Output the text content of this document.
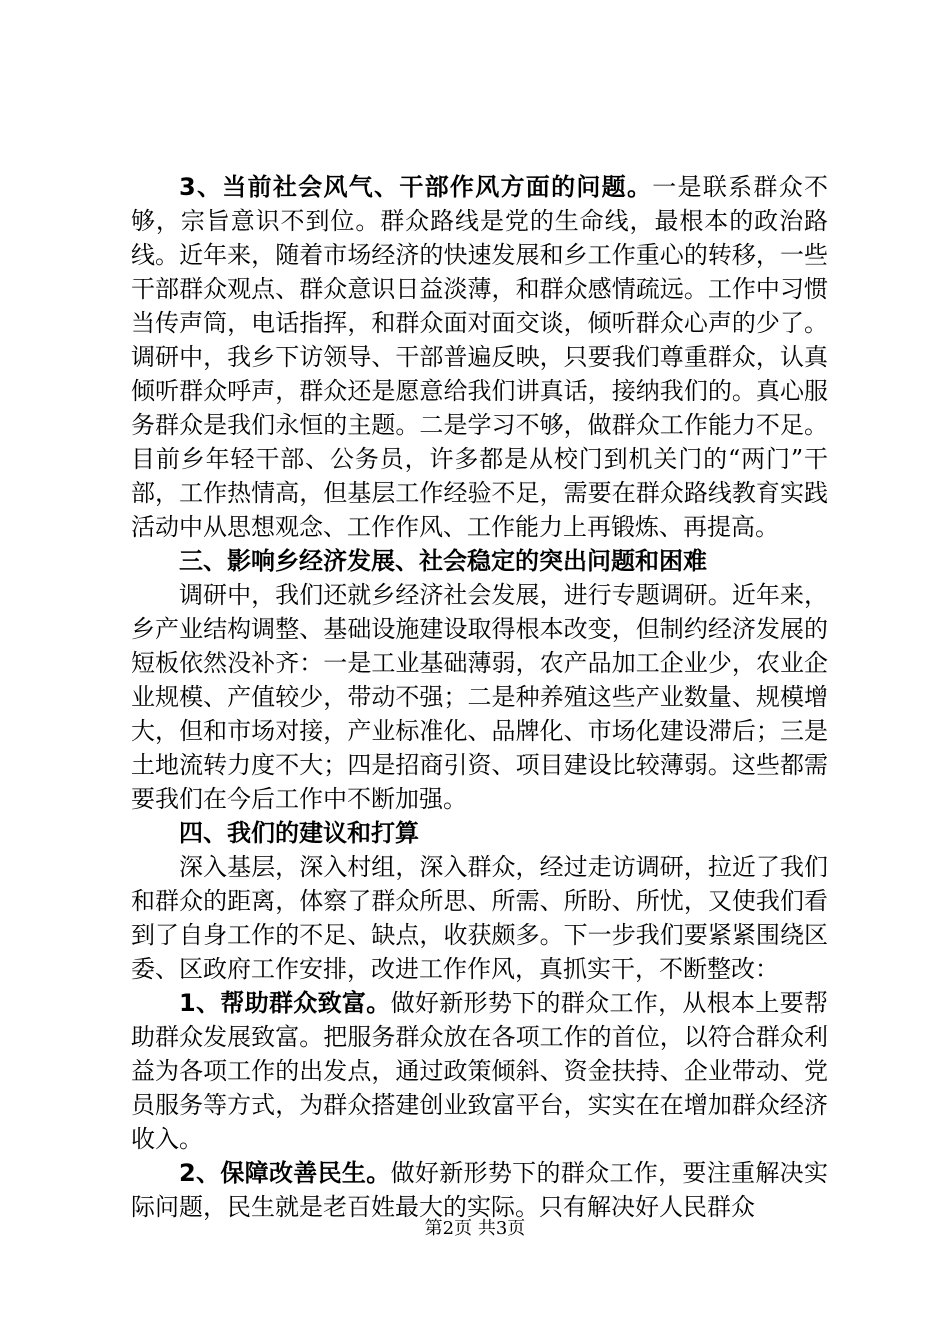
3、当前社会风气、干部作风方面的问题。一是联系群众不够，宗旨意识不到位。群众路线是党的生命线，最根本的政治路线。近年来，随着市场经济的快速发展和乡工作重心的转移，一些干部群众观点、群众意识日益淡薄，和群众感情疏远。工作中习惯当传声筒，电话指挥，和群众面对面交谈，倾听群众心声的少了。调研中，我乡下访领导、干部普遍反映，只要我们尊重群众，认真倾听群众呼声，群众还是愿意给我们讲真话，接纳我们的。真心服务群众是我们永恒的主题。二是学习不够，做群众工作能力不足。目前乡年轻干部、公务员，许多都是从校门到机关门的“两门”干部，工作热情高，但基层工作经验不足，需要在群众路线教育实践活动中从思想观念、工作作风、工作能力上再锻炼、再提高。

三、影响乡经济发展、社会稳定的突出问题和困难

调研中，我们还就乡经济社会发展，进行专题调研。近年来，乡产业结构调整、基础设施建设取得根本改变，但制约经济发展的短板依然没补齐：一是工业基础薄弱，农产品加工企业少，农业企业规模、产值较少，带动不强；二是种养殖这些产业数量、规模增大，但和市场对接，产业标准化、品牌化、市场化建设滞后；三是土地流转力度不大；四是招商引资、项目建设比较薄弱。这些都需要我们在今后工作中不断加强。

四、我们的建议和打算

深入基层，深入村组，深入群众，经过走访调研，拉近了我们和群众的距离，体察了群众所思、所需、所盼、所忧，又使我们看到了自身工作的不足、缺点，收获颇多。下一步我们要紧紧围绕区委、区政府工作安排，改进工作作风，真抓实干，不断整改：

1、帮助群众致富。做好新形势下的群众工作，从根本上要帮助群众发展致富。把服务群众放在各项工作的首位，以符合群众利益为各项工作的出发点，通过政策倾斜、资金扶持、企业带动、党员服务等方式，为群众搭建创业致富平台，实实在在增加群众经济收入。

2、保障改善民生。做好新形势下的群众工作，要注重解决实际问题，民生就是老百姓最大的实际。只有解决好人民群众

第2页 共3页
